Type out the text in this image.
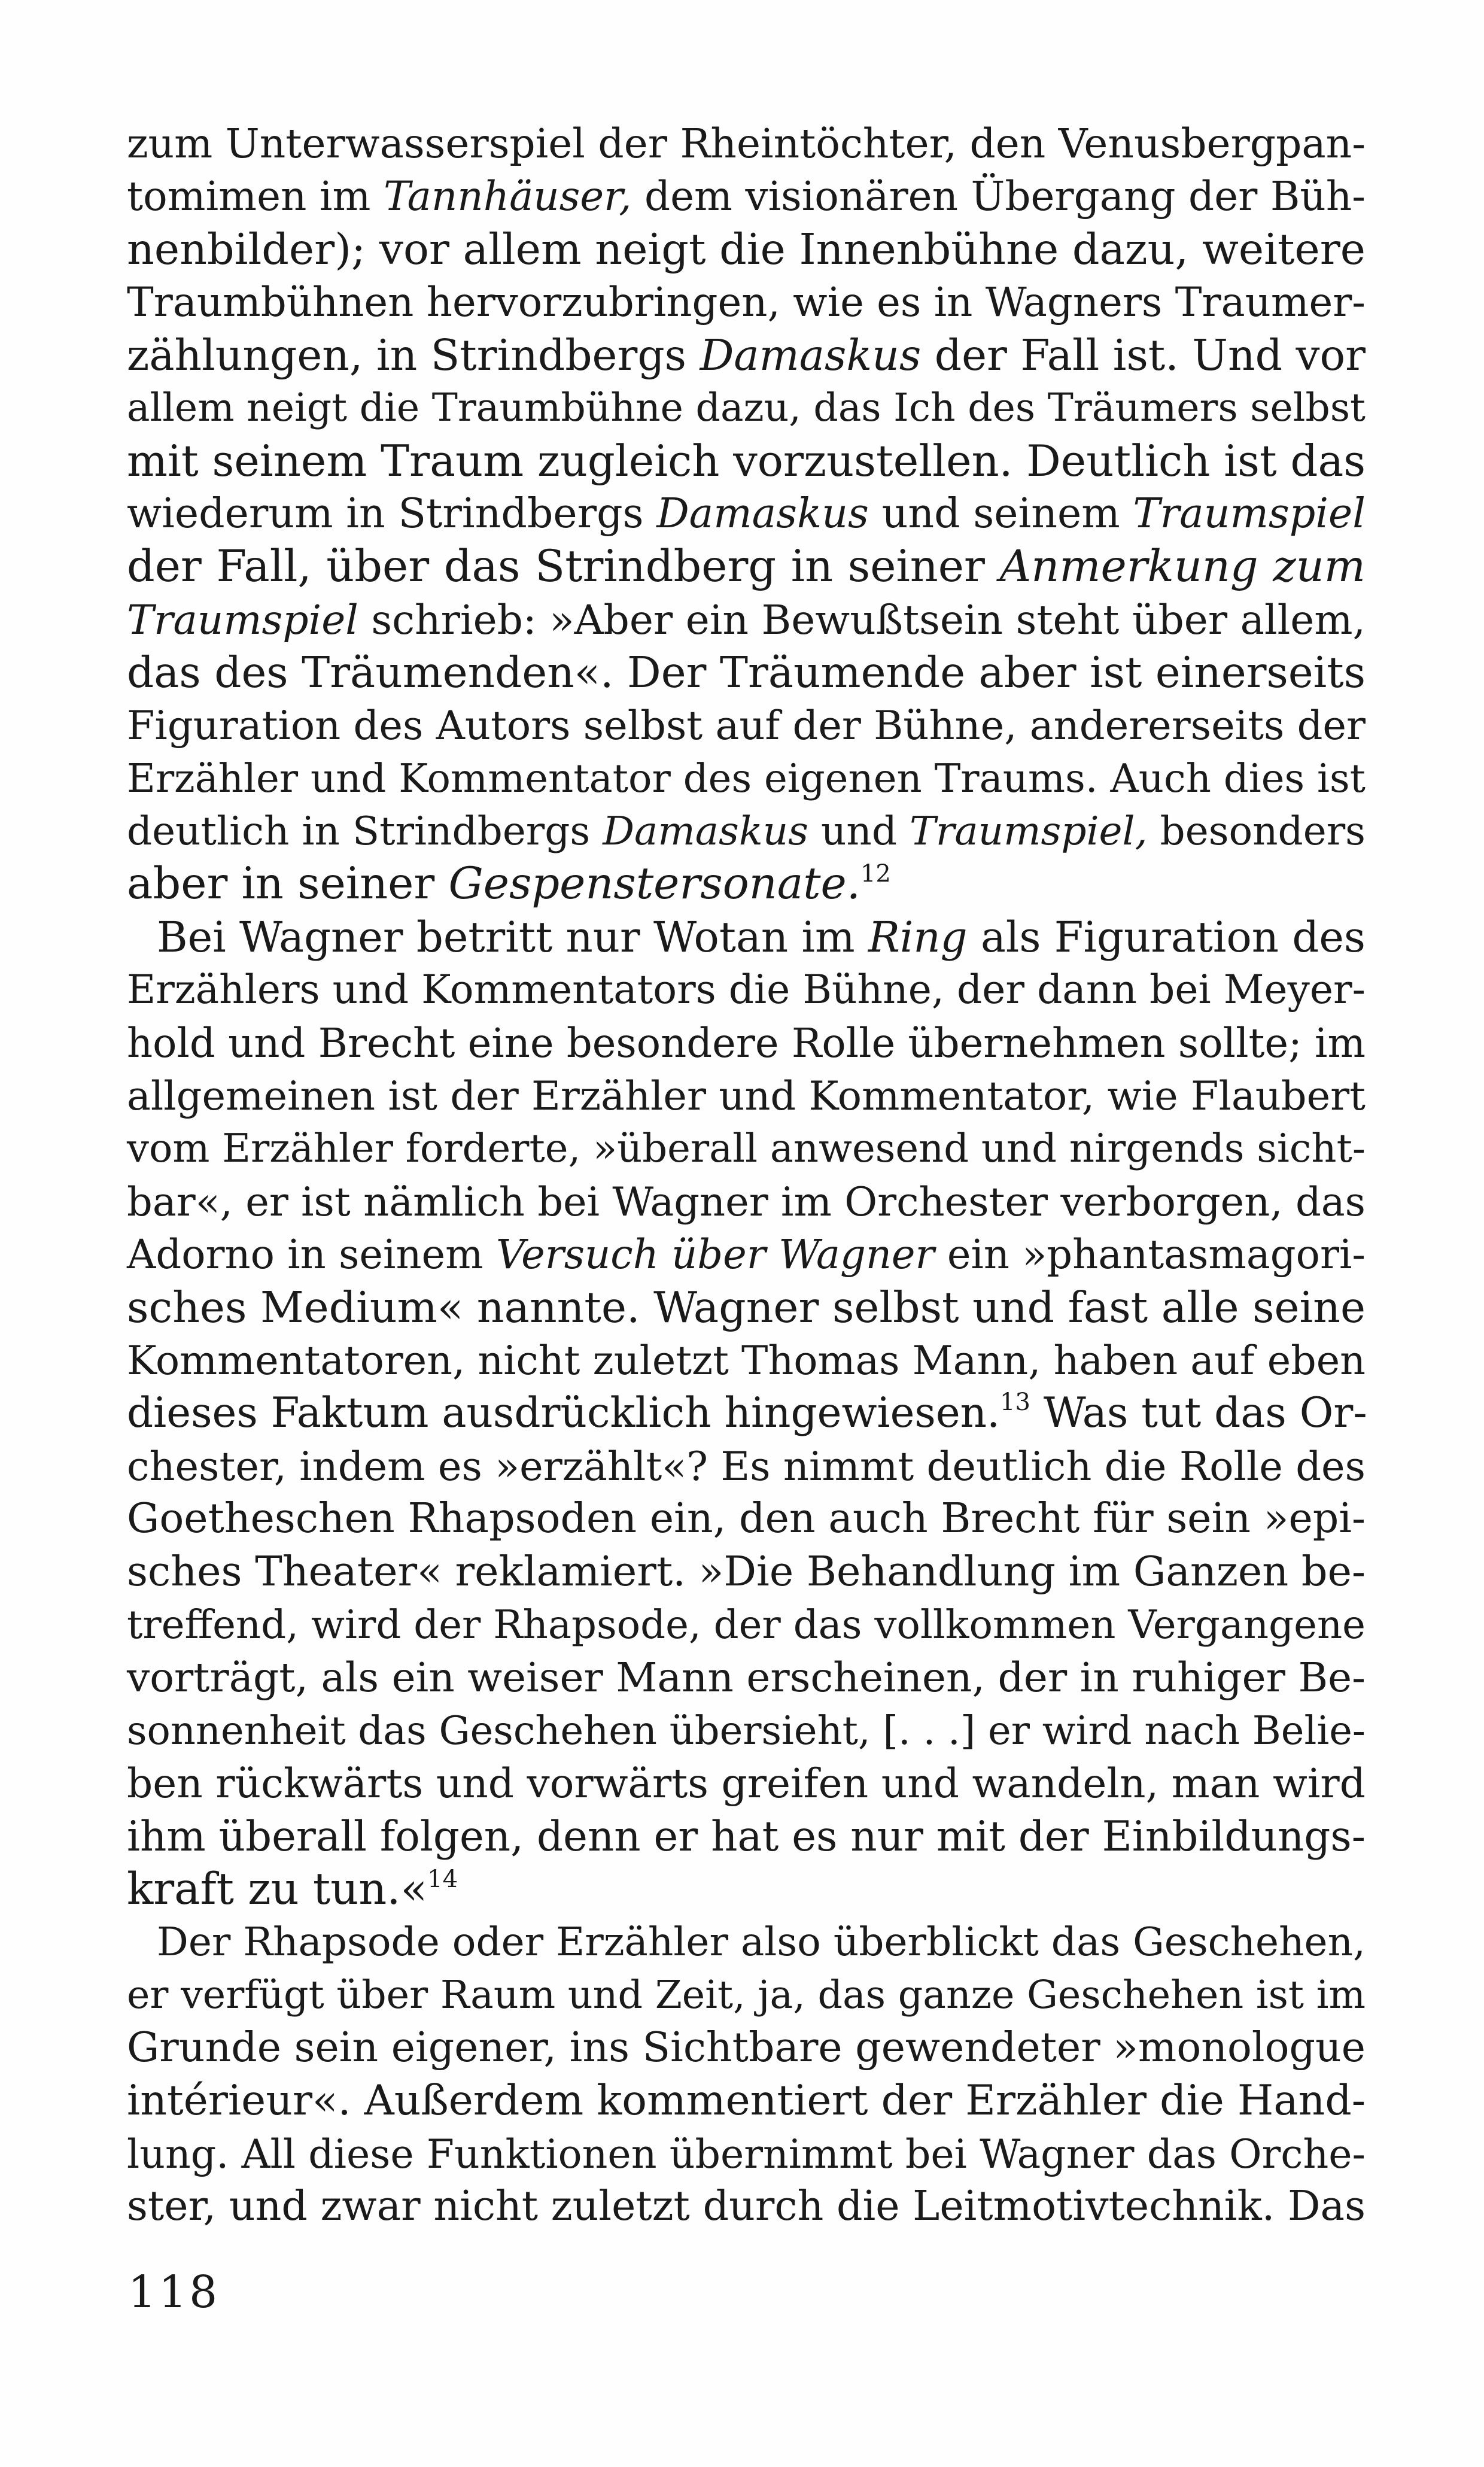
zum Unterwasserspiel der Rheintöchter, den Venusbergpan-
tomimen im Tannhäuser, dem visionären Übergang der Büh-
nenbilder); vor allem neigt die Innenbühne dazu, weitere
Traumbühnen hervorzubringen, wie es in Wagners Traumer-
zählungen, in Strindbergs Damaskus der Fall ist. Und vor
allem neigt die Traumbühne dazu, das Ich des Träumers selbst
mit seinem Traum zugleich vorzustellen. Deutlich ist das
wiederum in Strindbergs Damaskus und seinem Traumspiel
der Fall, über das Strindberg in seiner Anmerkung zum
Traumspiel schrieb: »Aber ein Bewußtsein steht über allem,
das des Träumenden«. Der Träumende aber ist einerseits
Figuration des Autors selbst auf der Bühne, andererseits der
Erzähler und Kommentator des eigenen Traums. Auch dies ist
deutlich in Strindbergs Damaskus und Traumspiel, besonders
aber in seiner Gespenstersonate.$^{12}$
Bei Wagner betritt nur Wotan im Ring als Figuration des
Erzählers und Kommentators die Bühne, der dann bei Meyer-
hold und Brecht eine besondere Rolle übernehmen sollte; im
allgemeinen ist der Erzähler und Kommentator, wie Flaubert
vom Erzähler forderte, »überall anwesend und nirgends sicht-
bar«, er ist nämlich bei Wagner im Orchester verborgen, das
Adorno in seinem Versuch über Wagner ein »phantasmagori-
sches Medium« nannte. Wagner selbst und fast alle seine
Kommentatoren, nicht zuletzt Thomas Mann, haben auf eben
dieses Faktum ausdrücklich hingewiesen.$^{13}$ Was tut das Or-
chester, indem es »erzählt«? Es nimmt deutlich die Rolle des
Goetheschen Rhapsoden ein, den auch Brecht für sein »epi-
sches Theater« reklamiert. »Die Behandlung im Ganzen be-
treffend, wird der Rhapsode, der das vollkommen Vergangene
vorträgt, als ein weiser Mann erscheinen, der in ruhiger Be-
sonnenheit das Geschehen übersieht, [. . .] er wird nach Belie-
ben rückwärts und vorwärts greifen und wandeln, man wird
ihm überall folgen, denn er hat es nur mit der Einbildungs-
kraft zu tun.«$^{14}$
Der Rhapsode oder Erzähler also überblickt das Geschehen,
er verfügt über Raum und Zeit, ja, das ganze Geschehen ist im
Grunde sein eigener, ins Sichtbare gewendeter »monologue
intérieur«. Außerdem kommentiert der Erzähler die Hand-
lung. All diese Funktionen übernimmt bei Wagner das Orche-
ster, und zwar nicht zuletzt durch die Leitmotivtechnik. Das
118
